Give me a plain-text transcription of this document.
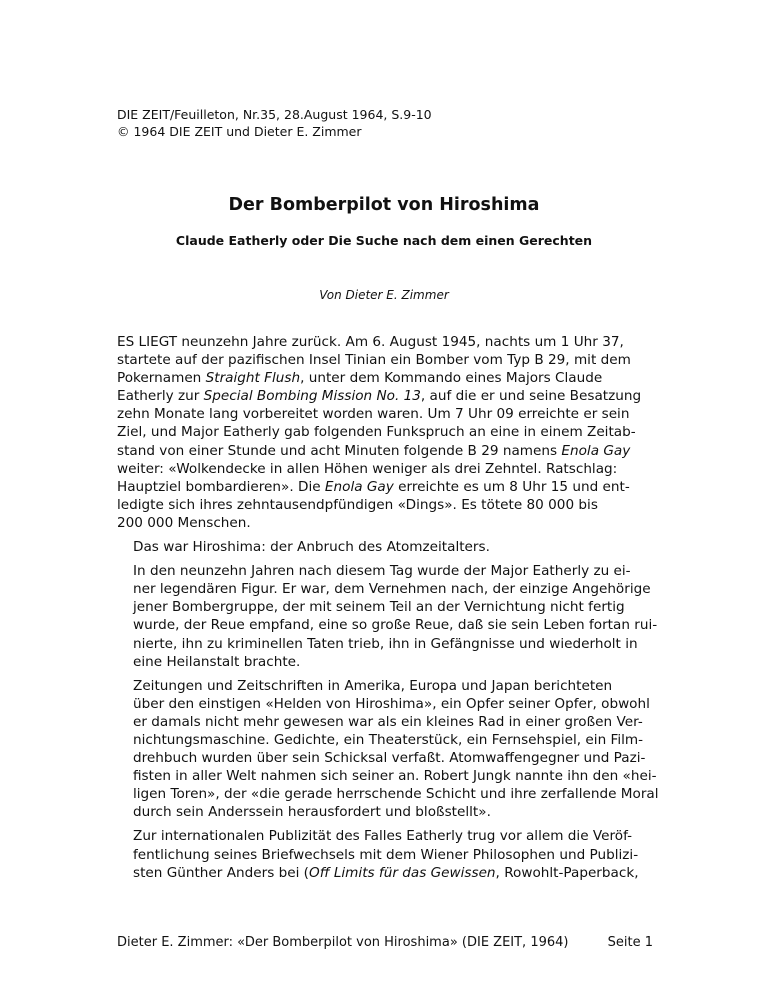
DIE ZEIT/Feuilleton, Nr.35, 28.August 1964, S.9-10
© 1964 DIE ZEIT und Dieter E. Zimmer
Der Bomberpilot von Hiroshima
Claude Eatherly oder Die Suche nach dem einen Gerechten
Von Dieter E. Zimmer
ES LIEGT neunzehn Jahre zurück. Am 6. August 1945, nachts um 1 Uhr 37,
startete auf der pazifischen Insel Tinian ein Bomber vom Typ B 29, mit dem
Pokernamen Straight Flush, unter dem Kommando eines Majors Claude
Eatherly zur Special Bombing Mission No. 13, auf die er und seine Besatzung
zehn Monate lang vorbereitet worden waren. Um 7 Uhr 09 erreichte er sein
Ziel, und Major Eatherly gab folgenden Funkspruch an eine in einem Zeitab-
stand von einer Stunde und acht Minuten folgende B 29 namens Enola Gay
weiter: «Wolkendecke in allen Höhen weniger als drei Zehntel. Ratschlag:
Hauptziel bombardieren». Die Enola Gay erreichte es um 8 Uhr 15 und ent-
ledigte sich ihres zehntausendpfündigen «Dings». Es tötete 80 000 bis
200 000 Menschen.
Das war Hiroshima: der Anbruch des Atomzeitalters.
In den neunzehn Jahren nach diesem Tag wurde der Major Eatherly zu ei-
ner legendären Figur. Er war, dem Vernehmen nach, der einzige Angehörige
jener Bombergruppe, der mit seinem Teil an der Vernichtung nicht fertig
wurde, der Reue empfand, eine so große Reue, daß sie sein Leben fortan rui-
nierte, ihn zu kriminellen Taten trieb, ihn in Gefängnisse und wiederholt in
eine Heilanstalt brachte.
Zeitungen und Zeitschriften in Amerika, Europa und Japan berichteten
über den einstigen «Helden von Hiroshima», ein Opfer seiner Opfer, obwohl
er damals nicht mehr gewesen war als ein kleines Rad in einer großen Ver-
nichtungsmaschine. Gedichte, ein Theaterstück, ein Fernsehspiel, ein Film-
drehbuch wurden über sein Schicksal verfaßt. Atomwaffengegner und Pazi-
fisten in aller Welt nahmen sich seiner an. Robert Jungk nannte ihn den «hei-
ligen Toren», der «die gerade herrschende Schicht und ihre zerfallende Moral
durch sein Anderssein herausfordert und bloßstellt».
Zur internationalen Publizität des Falles Eatherly trug vor allem die Veröf-
fentlichung seines Briefwechsels mit dem Wiener Philosophen und Publizi-
sten Günther Anders bei (Off Limits für das Gewissen, Rowohlt-Paperback,
Dieter E. Zimmer: «Der Bomberpilot von Hiroshima» (DIE ZEIT, 1964)	Seite 1
